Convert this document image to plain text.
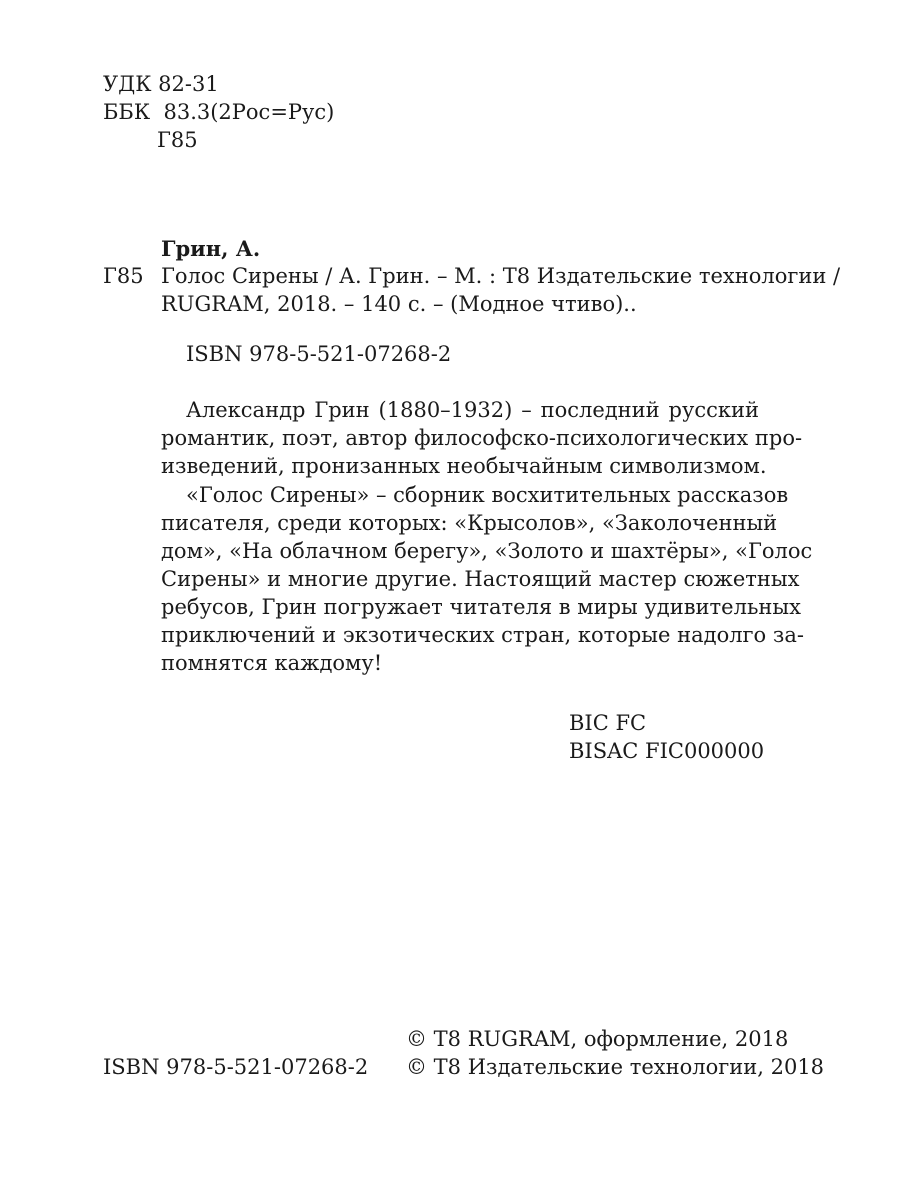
УДК 82-31
ББК  83.3(2Рос=Рус)
Г85
Грин, А.
Г85 Голос Сирены / А. Грин. – М. : Т8 Издательские технологии /
RUGRAM, 2018. – 140 с. – (Модное чтиво)..
ISBN 978-5-521-07268-2
Александр Грин (1880–1932) – последний русский
романтик, поэт, автор философско-психологических про-
изведений, пронизанных необычайным символизмом.
«Голос Сирены» – сборник восхитительных рассказов
писателя, среди которых: «Крысолов», «Заколоченный
дом», «На облачном берегу», «Золото и шахтёры», «Голос
Сирены» и многие другие. Настоящий мастер сюжетных
ребусов, Грин погружает читателя в миры удивительных
приключений и экзотических стран, которые надолго за-
помнятся каждому!
BIC FC
BISAC FIC000000
© Т8 RUGRAM, оформление, 2018
ISBN 978-5-521-07268-2 © Т8 Издательские технологии, 2018
